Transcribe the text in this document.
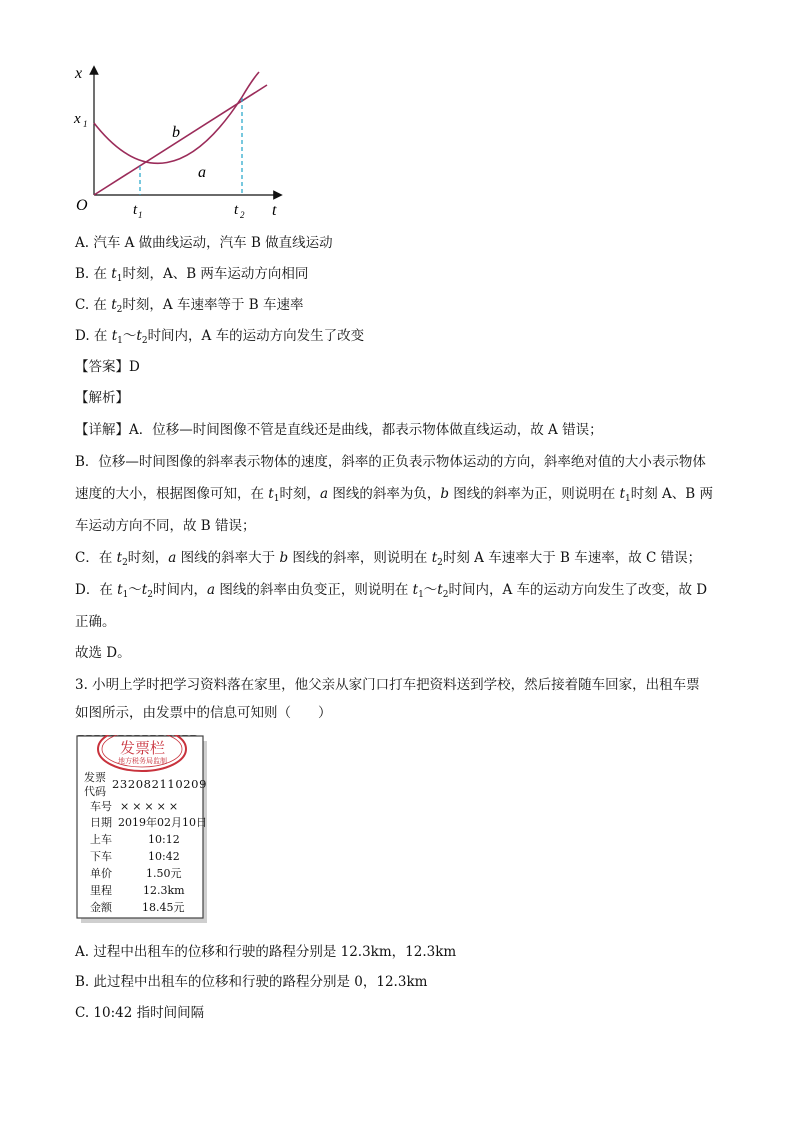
x
t
O
x 1
t 1	t 2
b
a
A. 汽车 A 做曲线运动，汽车 B 做直线运动
B. 在 $t_1$时刻，A、B 两车运动方向相同
C. 在 $t_2$时刻，A 车速率等于 B 车速率
D. 在 $t_1\sim t_2$时间内，A 车的运动方向发生了改变
【答案】D
【解析】
【详解】A．位移—时间图像不管是直线还是曲线，都表示物体做直线运动，故 A 错误；
B．位移—时间图像的斜率表示物体的速度，斜率的正负表示物体运动的方向，斜率绝对值的大小表示物体
速度的大小，根据图像可知，在 $t_1$时刻，a 图线的斜率为负，b 图线的斜率为正，则说明在 $t_1$时刻 A、B 两
车运动方向不同，故 B 错误；
C．在 $t_2$时刻，a 图线的斜率大于 b 图线的斜率，则说明在 $t_2$时刻 A 车速率大于 B 车速率，故 C 错误；
D．在 $t_1\sim t_2$时间内，a 图线的斜率由负变正，则说明在 $t_1\sim t_2$时间内，A 车的运动方向发生了改变，故 D
正确。
故选 D。
3. 小明上学时把学习资料落在家里，他父亲从家门口打车把资料送到学校，然后接着随车回家，出租车票
如图所示，由发票中的信息可知则（　　）
发票栏
地方税务局监制
发票
代码
232082110209
车号 ×××××
日期 2019年02月10日
上车	10:12
下车	10:42
单价	1.50元
里程	12.3km
金额	18.45元
A. 过程中出租车的位移和行驶的路程分别是 12.3km，12.3km
B. 此过程中出租车的位移和行驶的路程分别是 0，12.3km
C. 10:42 指时间间隔
